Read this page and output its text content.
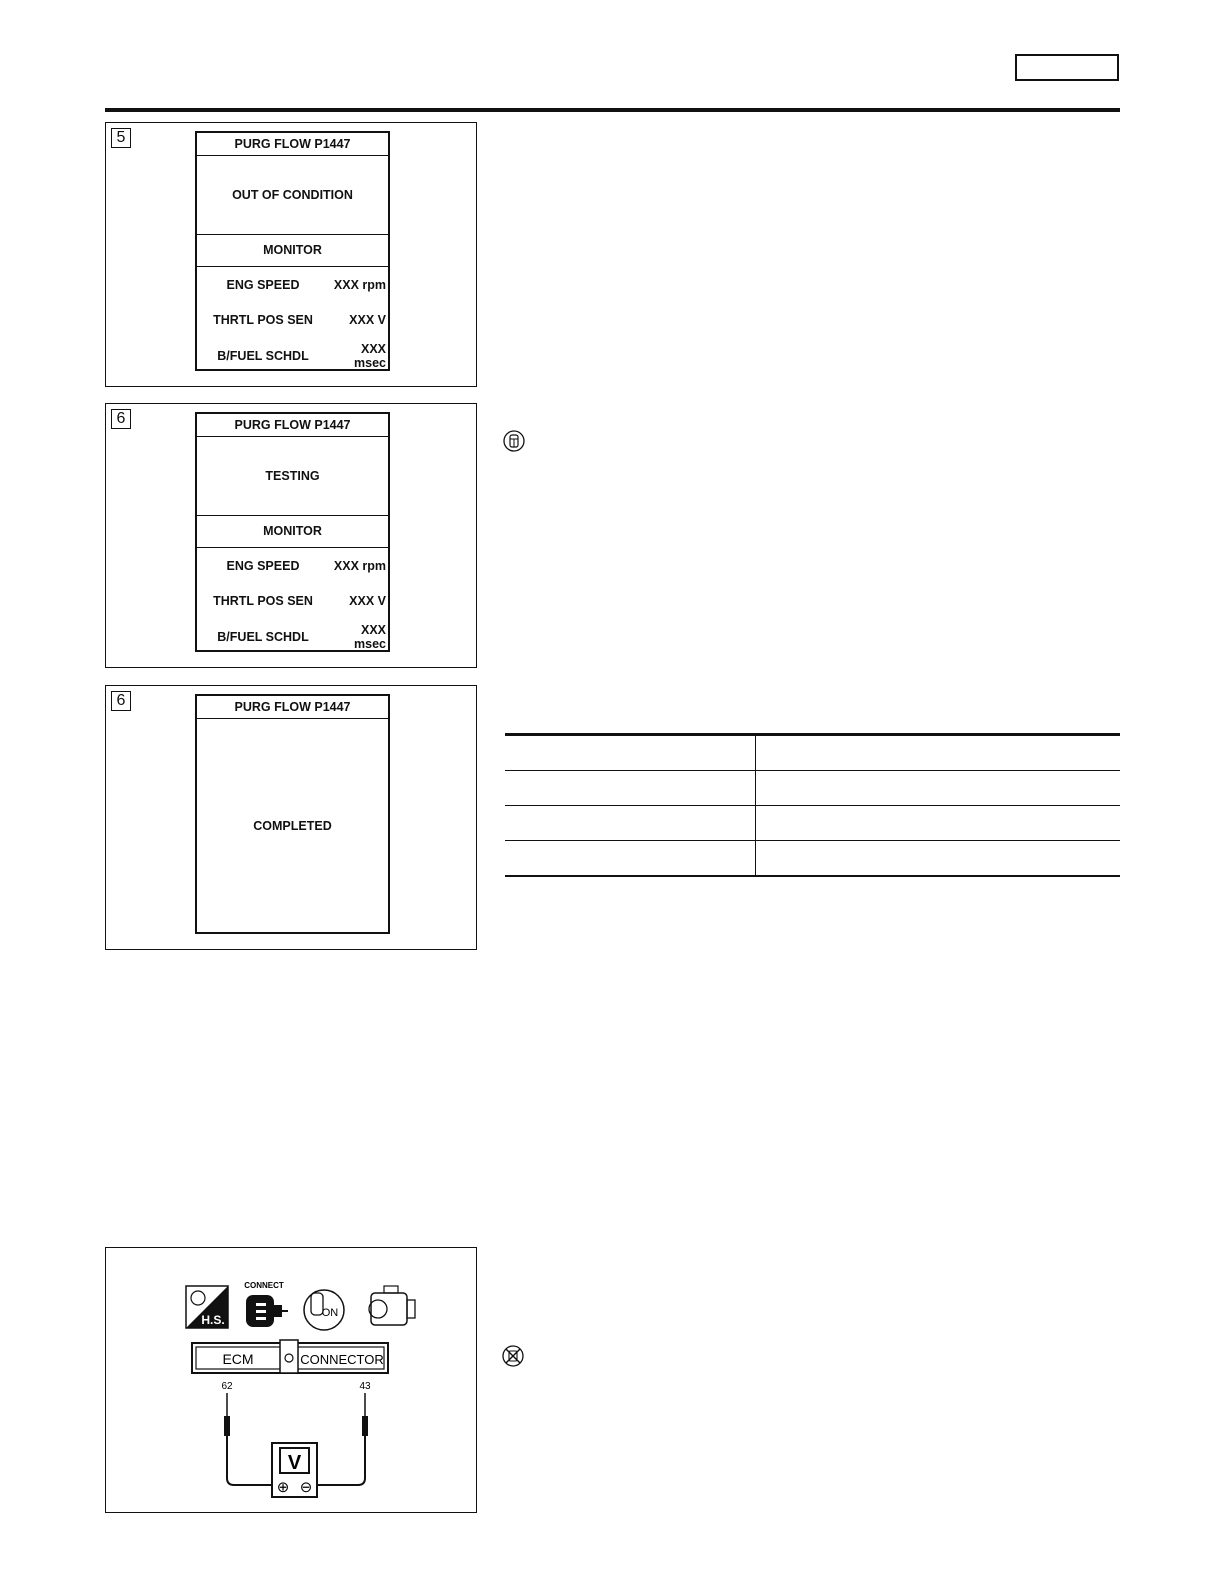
5	PURG FLOW P1447
OUT OF CONDITION
MONITOR
ENG SPEED	XXX rpm
THRTL POS SEN	XXX V
B/FUEL SCHDL	XXX msec
6	PURG FLOW P1447
TESTING
MONITOR
ENG SPEED	XXX rpm
THRTL POS SEN	XXX V
B/FUEL SCHDL	XXX msec
6	PURG FLOW P1447
COMPLETED

H.S.
CONNECT
ON
ECM	CONNECTOR
62	43
V
⊕ ⊖
